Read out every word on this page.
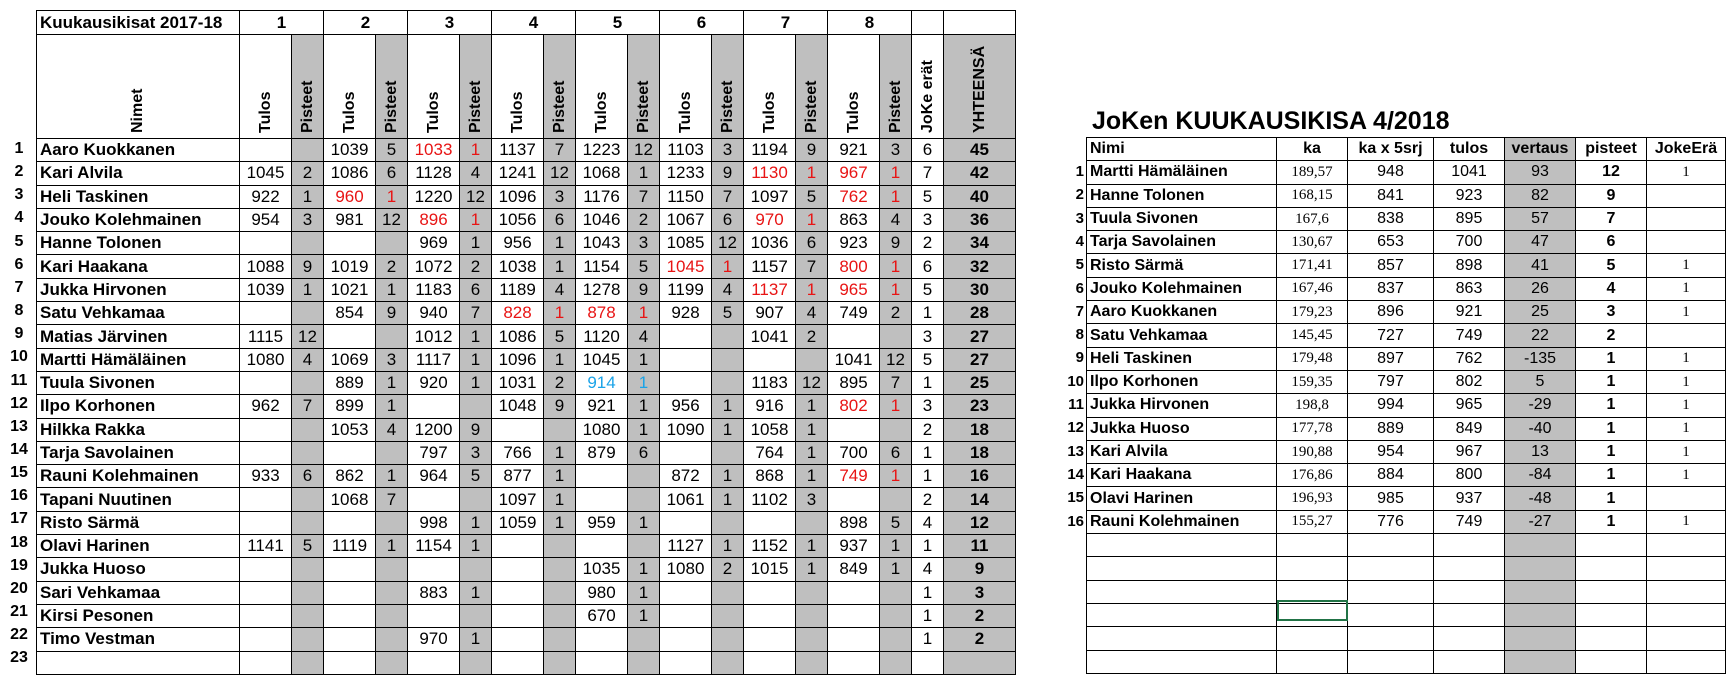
1
2
3
4
5
6
7
8
9
10
11
12
13
14
15
16
17
18
19
20
21
22
23
Kuukausikisat 2017-18	1		2		3		4		5		6		7		8			

Nimet	Tulos	Pisteet	Tulos	Pisteet	Tulos	Pisteet	Tulos	Pisteet	Tulos	Pisteet	Tulos	Pisteet	Tulos	Pisteet	Tulos	Pisteet	JoKe erät	YHTEENSÄ

Aaro Kuokkanen			1039	5	1033	1	1137	7	1223	12	1103	3	1194	9	921	3	6	45
Kari Alvila	1045	2	1086	6	1128	4	1241	12	1068	1	1233	9	1130	1	967	1	7	42
Heli Taskinen	922	1	960	1	1220	12	1096	3	1176	7	1150	7	1097	5	762	1	5	40
Jouko Kolehmainen	954	3	981	12	896	1	1056	6	1046	2	1067	6	970	1	863	4	3	36
Hanne Tolonen					969	1	956	1	1043	3	1085	12	1036	6	923	9	2	34
Kari Haakana	1088	9	1019	2	1072	2	1038	1	1154	5	1045	1	1157	7	800	1	6	32
Jukka Hirvonen	1039	1	1021	1	1183	6	1189	4	1278	9	1199	4	1137	1	965	1	5	30
Satu Vehkamaa			854	9	940	7	828	1	878	1	928	5	907	4	749	2	1	28
Matias Järvinen	1115	12			1012	1	1086	5	1120	4			1041	2			3	27
Martti Hämäläinen	1080	4	1069	3	1117	1	1096	1	1045	1					1041	12	5	27
Tuula Sivonen			889	1	920	1	1031	2	914	1			1183	12	895	7	1	25
Ilpo Korhonen	962	7	899	1			1048	9	921	1	956	1	916	1	802	1	3	23
Hilkka Rakka			1053	4	1200	9			1080	1	1090	1	1058	1			2	18
Tarja Savolainen					797	3	766	1	879	6			764	1	700	6	1	18
Rauni Kolehmainen	933	6	862	1	964	5	877	1			872	1	868	1	749	1	1	16
Tapani Nuutinen			1068	7			1097	1			1061	1	1102	3			2	14
Risto Särmä					998	1	1059	1	959	1					898	5	4	12
Olavi Harinen	1141	5	1119	1	1154	1					1127	1	1152	1	937	1	1	11
Jukka Huoso									1035	1	1080	2	1015	1	849	1	4	9
Sari Vehkamaa					883	1			980	1							1	3
Kirsi Pesonen									670	1							1	2
Timo Vestman					970	1											1	2

JoKen KUUKAUSIKISA 4/2018
1
2
3
4
5
6
7
8
9
10
11
12
13
14
15
16
Nimi	ka	ka x 5srj	tulos	vertaus	pisteet	JokeErä
Martti Hämäläinen	189,57	948	1041	93	12	1
Hanne Tolonen	168,15	841	923	82	9	
Tuula Sivonen	167,6	838	895	57	7	
Tarja Savolainen	130,67	653	700	47	6	
Risto Särmä	171,41	857	898	41	5	1
Jouko Kolehmainen	167,46	837	863	26	4	1
Aaro Kuokkanen	179,23	896	921	25	3	1
Satu Vehkamaa	145,45	727	749	22	2	
Heli Taskinen	179,48	897	762	-135	1	1
Ilpo Korhonen	159,35	797	802	5	1	1
Jukka Hirvonen	198,8	994	965	-29	1	1
Jukka Huoso	177,78	889	849	-40	1	1
Kari Alvila	190,88	954	967	13	1	1
Kari Haakana	176,86	884	800	-84	1	1
Olavi Harinen	196,93	985	937	-48	1	
Rauni Kolehmainen	155,27	776	749	-27	1	1
